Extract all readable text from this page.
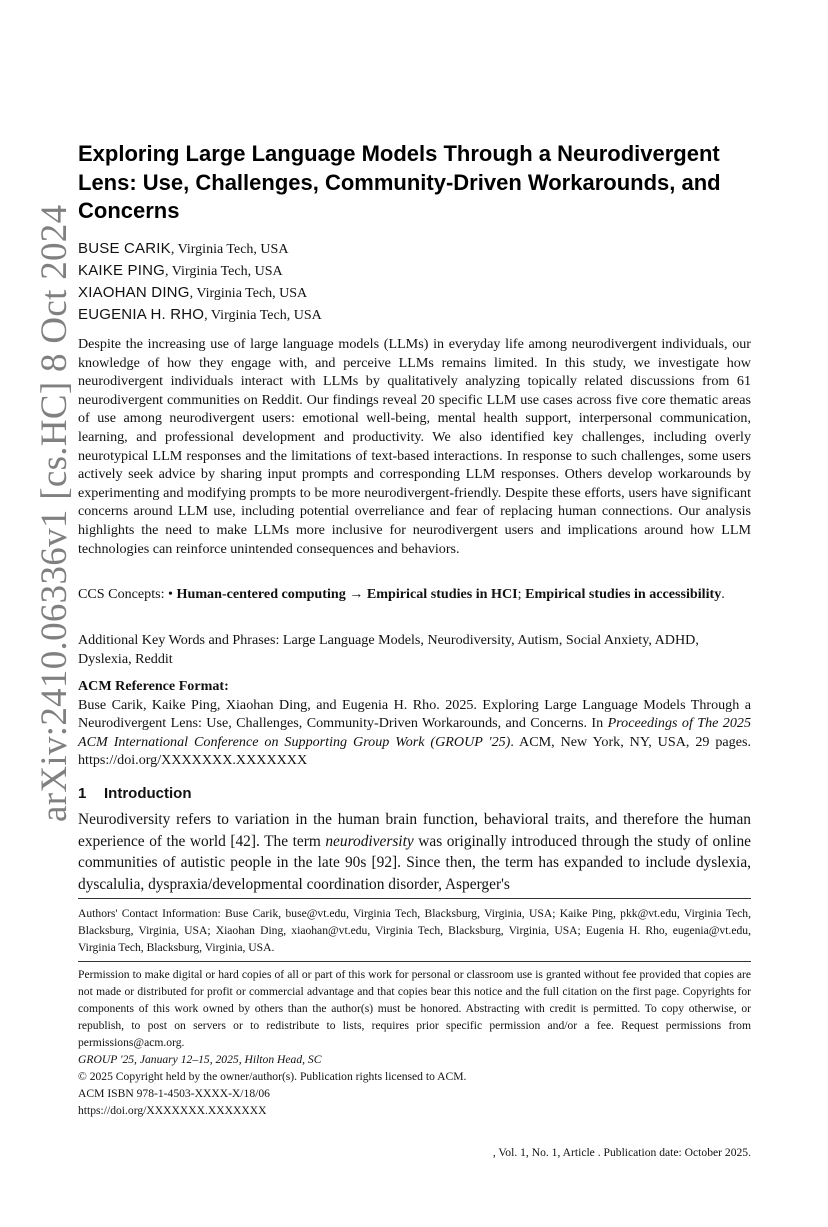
arXiv:2410.06336v1 [cs.HC] 8 Oct 2024
Exploring Large Language Models Through a Neurodivergent Lens: Use, Challenges, Community-Driven Workarounds, and Concerns
BUSE CARIK, Virginia Tech, USA
KAIKE PING, Virginia Tech, USA
XIAOHAN DING, Virginia Tech, USA
EUGENIA H. RHO, Virginia Tech, USA
Despite the increasing use of large language models (LLMs) in everyday life among neurodivergent individuals, our knowledge of how they engage with, and perceive LLMs remains limited. In this study, we investigate how neurodivergent individuals interact with LLMs by qualitatively analyzing topically related discussions from 61 neurodivergent communities on Reddit. Our findings reveal 20 specific LLM use cases across five core thematic areas of use among neurodivergent users: emotional well-being, mental health support, interpersonal communication, learning, and professional development and productivity. We also identified key challenges, including overly neurotypical LLM responses and the limitations of text-based interactions. In response to such challenges, some users actively seek advice by sharing input prompts and corresponding LLM responses. Others develop workarounds by experimenting and modifying prompts to be more neurodivergent-friendly. Despite these efforts, users have significant concerns around LLM use, including potential overreliance and fear of replacing human connections. Our analysis highlights the need to make LLMs more inclusive for neurodivergent users and implications around how LLM technologies can reinforce unintended consequences and behaviors.
CCS Concepts: • Human-centered computing → Empirical studies in HCI; Empirical studies in accessibility.
Additional Key Words and Phrases: Large Language Models, Neurodiversity, Autism, Social Anxiety, ADHD, Dyslexia, Reddit
ACM Reference Format:
Buse Carik, Kaike Ping, Xiaohan Ding, and Eugenia H. Rho. 2025. Exploring Large Language Models Through a Neurodivergent Lens: Use, Challenges, Community-Driven Workarounds, and Concerns. In Proceedings of The 2025 ACM International Conference on Supporting Group Work (GROUP '25). ACM, New York, NY, USA, 29 pages. https://doi.org/XXXXXXX.XXXXXXX
1 Introduction
Neurodiversity refers to variation in the human brain function, behavioral traits, and therefore the human experience of the world [42]. The term neurodiversity was originally introduced through the study of online communities of autistic people in the late 90s [92]. Since then, the term has expanded to include dyslexia, dyscalulia, dyspraxia/developmental coordination disorder, Asperger's
Authors' Contact Information: Buse Carik, buse@vt.edu, Virginia Tech, Blacksburg, Virginia, USA; Kaike Ping, pkk@vt.edu, Virginia Tech, Blacksburg, Virginia, USA; Xiaohan Ding, xiaohan@vt.edu, Virginia Tech, Blacksburg, Virginia, USA; Eugenia H. Rho, eugenia@vt.edu, Virginia Tech, Blacksburg, Virginia, USA.
Permission to make digital or hard copies of all or part of this work for personal or classroom use is granted without fee provided that copies are not made or distributed for profit or commercial advantage and that copies bear this notice and the full citation on the first page. Copyrights for components of this work owned by others than the author(s) must be honored. Abstracting with credit is permitted. To copy otherwise, or republish, to post on servers or to redistribute to lists, requires prior specific permission and/or a fee. Request permissions from permissions@acm.org.
GROUP '25, January 12–15, 2025, Hilton Head, SC
© 2025 Copyright held by the owner/author(s). Publication rights licensed to ACM.
ACM ISBN 978-1-4503-XXXX-X/18/06
https://doi.org/XXXXXXX.XXXXXXX
, Vol. 1, No. 1, Article . Publication date: October 2025.
